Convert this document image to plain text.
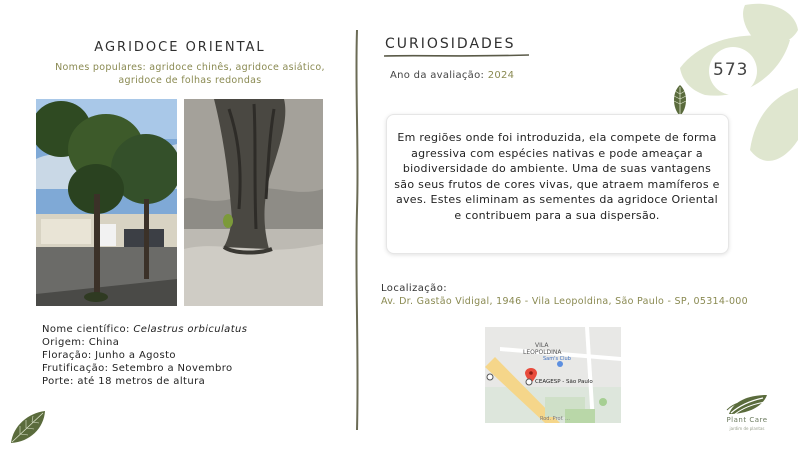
573
AGRIDOCE ORIENTAL
Nomes populares: agridoce chinês, agridoce asiático, agridoce de folhas redondas
Nome científico: Celastrus orbiculatus
Origem: China
Floração: Junho a Agosto
Frutificação: Setembro a Novembro
Porte: até 18 metros de altura
CURIOSIDADES
Ano da avaliação: 2024
Em regiões onde foi introduzida, ela compete de forma agressiva com espécies nativas e pode ameaçar a biodiversidade do ambiente. Uma de suas vantagens são seus frutos de cores vivas, que atraem mamíferos e aves. Estes eliminam as sementes da agridoce Oriental e contribuem para a sua dispersão.
Localização:
Av. Dr. Gastão Vidigal, 1946 - Vila Leopoldina, São Paulo - SP, 05314-000
VILA
LEOPOLDINA
Sam's Club
CEAGESP - São Paulo
Rod. Prof. ...	Plant Care
jardim de plantas
